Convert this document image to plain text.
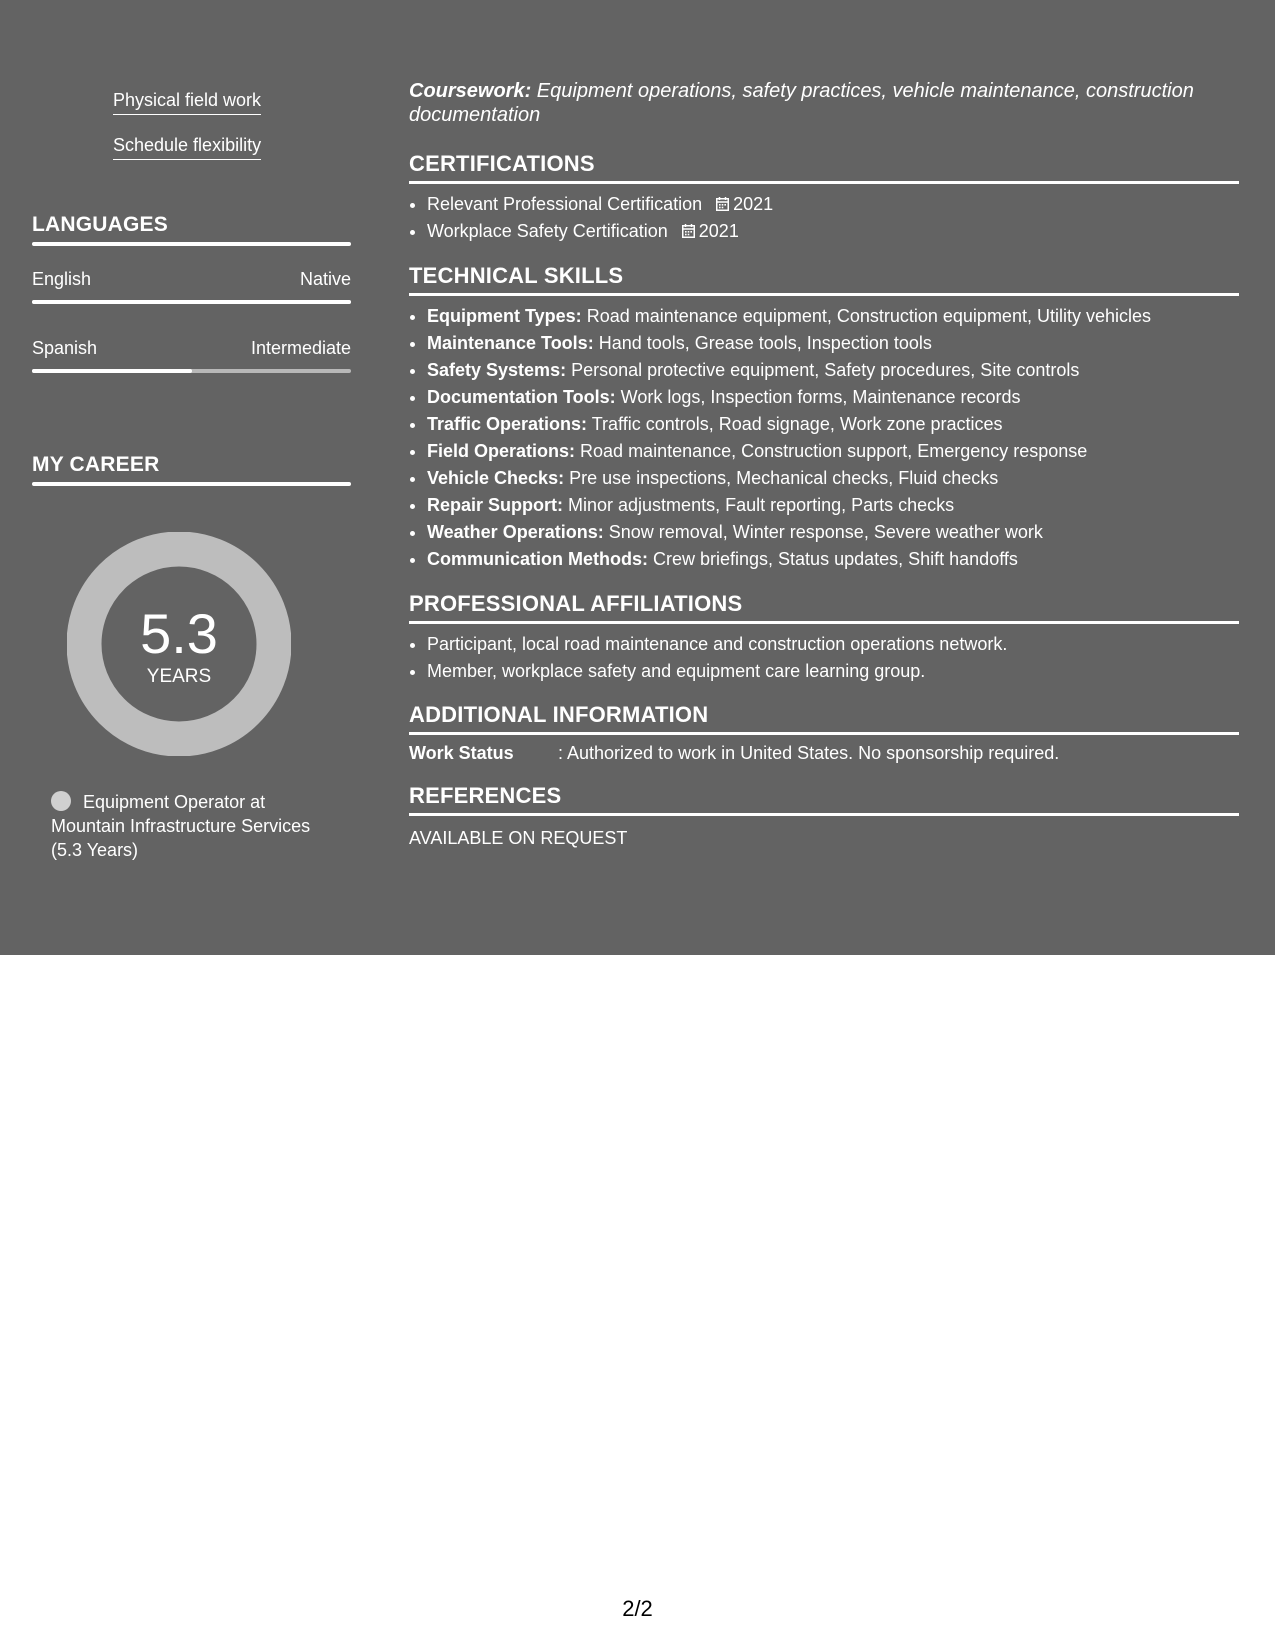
Physical field work
Schedule flexibility
LANGUAGES
English	Native
Spanish	Intermediate
MY CAREER
5.3
YEARS
Equipment Operator at Mountain Infrastructure Services (5.3 Years)
Coursework: Equipment operations, safety practices, vehicle maintenance, construction documentation
CERTIFICATIONS
• Relevant Professional Certification 2021
• Workplace Safety Certification 2021
TECHNICAL SKILLS
• Equipment Types: Road maintenance equipment, Construction equipment, Utility vehicles
• Maintenance Tools: Hand tools, Grease tools, Inspection tools
• Safety Systems: Personal protective equipment, Safety procedures, Site controls
• Documentation Tools: Work logs, Inspection forms, Maintenance records
• Traffic Operations: Traffic controls, Road signage, Work zone practices
• Field Operations: Road maintenance, Construction support, Emergency response
• Vehicle Checks: Pre use inspections, Mechanical checks, Fluid checks
• Repair Support: Minor adjustments, Fault reporting, Parts checks
• Weather Operations: Snow removal, Winter response, Severe weather work
• Communication Methods: Crew briefings, Status updates, Shift handoffs
PROFESSIONAL AFFILIATIONS
• Participant, local road maintenance and construction operations network.
• Member, workplace safety and equipment care learning group.
ADDITIONAL INFORMATION
Work Status : Authorized to work in United States. No sponsorship required.
REFERENCES
AVAILABLE ON REQUEST
2/2
